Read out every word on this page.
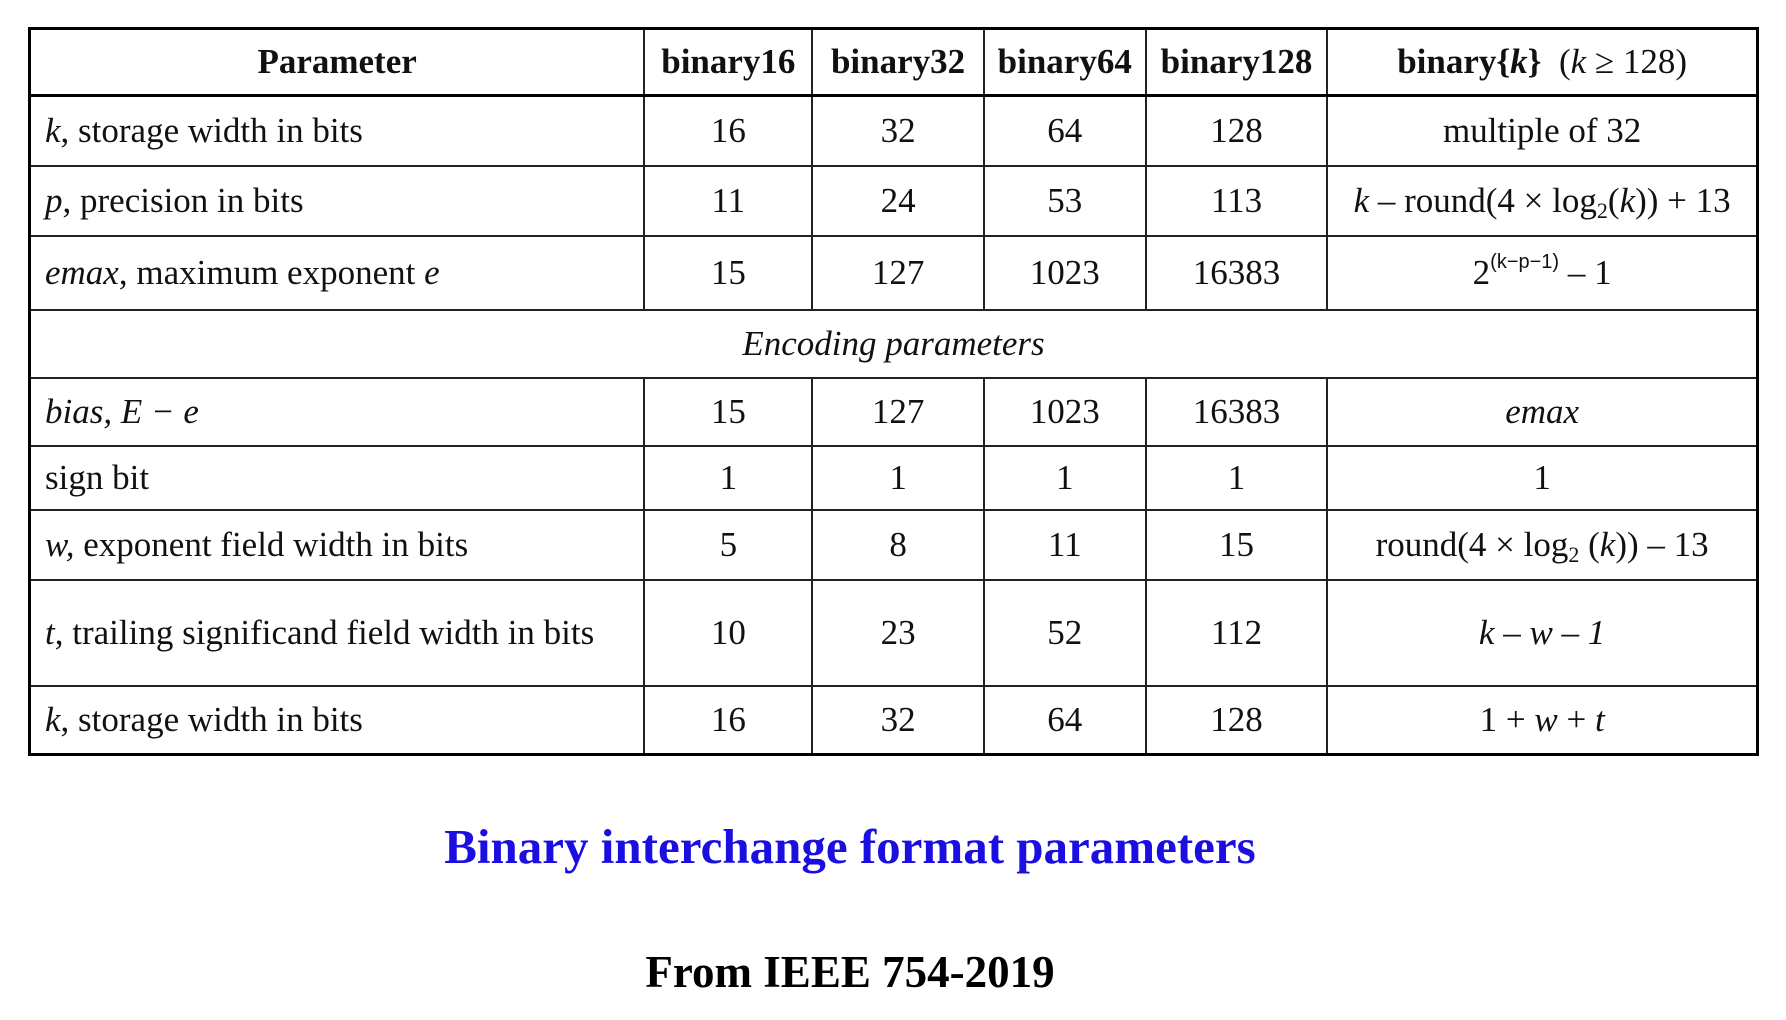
Parameter	binary16	binary32	binary64	binary128	binary{k} (k ≥ 128)
k, storage width in bits	16	32	64	128	multiple of 32
p, precision in bits	11	24	53	113	k – round(4 × $\log_2(k)) + 13$
emax, maximum exponent e	15	127	1023	16383	$2^{(k-p-1)} - 1$
Encoding parameters					
bias, E − e	15	127	1023	16383	emax
sign bit	1	1	1	1	1
w, exponent field width in bits	5	8	11	15	round(4 × $\log_2 (k)) - 13$
t, trailing significand field width in bits	10	23	52	112	k – w – 1
k, storage width in bits	16	32	64	128	1 + w + t

Binary interchange format parameters

From IEEE 754-2019
